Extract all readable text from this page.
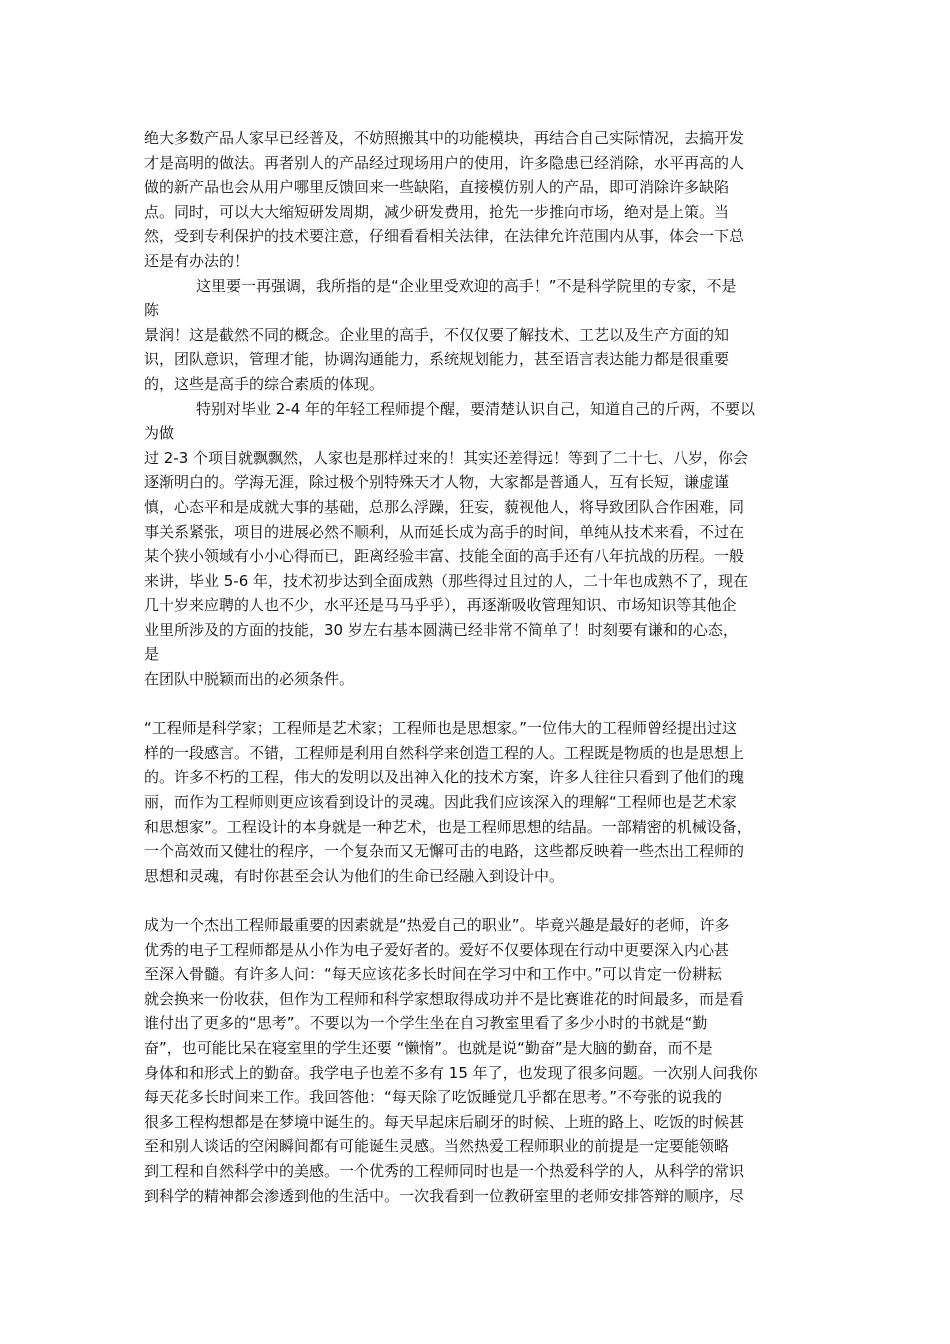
绝大多数产品人家早已经普及，不妨照搬其中的功能模块，再结合自己实际情况，去搞开发
才是高明的做法。再者别人的产品经过现场用户的使用，许多隐患已经消除，水平再高的人
做的新产品也会从用户哪里反馈回来一些缺陷，直接模仿别人的产品，即可消除许多缺陷
点。同时，可以大大缩短研发周期，减少研发费用，抢先一步推向市场，绝对是上策。当
然，受到专利保护的技术要注意，仔细看看相关法律，在法律允许范围内从事，体会一下总
还是有办法的！
这里要一再强调，我所指的是“企业里受欢迎的高手！”不是科学院里的专家，不是
陈
景润！这是截然不同的概念。企业里的高手，不仅仅要了解技术、工艺以及生产方面的知
识，团队意识，管理才能，协调沟通能力，系统规划能力，甚至语言表达能力都是很重要
的，这些是高手的综合素质的体现。
特别对毕业 2-4 年的年轻工程师提个醒，要清楚认识自己，知道自己的斤两，不要以
为做
过 2-3 个项目就飘飘然，人家也是那样过来的！其实还差得远！等到了二十七、八岁，你会
逐渐明白的。学海无涯，除过极个别特殊天才人物，大家都是普通人，互有长短，谦虚谨
慎，心态平和是成就大事的基础，总那么浮躁，狂妄，藐视他人，将导致团队合作困难，同
事关系紧张，项目的进展必然不顺利，从而延长成为高手的时间，单纯从技术来看，不过在
某个狭小领域有小小心得而已，距离经验丰富、技能全面的高手还有八年抗战的历程。一般
来讲，毕业 5-6 年，技术初步达到全面成熟（那些得过且过的人，二十年也成熟不了，现在
几十岁来应聘的人也不少，水平还是马马乎乎），再逐渐吸收管理知识、市场知识等其他企
业里所涉及的方面的技能，30 岁左右基本圆满已经非常不简单了！时刻要有谦和的心态，
是
在团队中脱颖而出的必须条件。
“工程师是科学家；工程师是艺术家；工程师也是思想家。”一位伟大的工程师曾经提出过这
样的一段感言。不错，工程师是利用自然科学来创造工程的人。工程既是物质的也是思想上
的。许多不朽的工程，伟大的发明以及出神入化的技术方案，许多人往往只看到了他们的瑰
丽，而作为工程师则更应该看到设计的灵魂。因此我们应该深入的理解“工程师也是艺术家
和思想家”。工程设计的本身就是一种艺术，也是工程师思想的结晶。一部精密的机械设备，
一个高效而又健壮的程序，一个复杂而又无懈可击的电路，这些都反映着一些杰出工程师的
思想和灵魂，有时你甚至会认为他们的生命已经融入到设计中。
成为一个杰出工程师最重要的因素就是“热爱自己的职业”。毕竟兴趣是最好的老师，许多
优秀的电子工程师都是从小作为电子爱好者的。爱好不仅要体现在行动中更要深入内心甚
至深入骨髓。有许多人问：“每天应该花多长时间在学习中和工作中。”可以肯定一份耕耘
就会换来一份收获，但作为工程师和科学家想取得成功并不是比赛谁花的时间最多，而是看
谁付出了更多的“思考”。不要以为一个学生坐在自习教室里看了多少小时的书就是“勤
奋”，也可能比呆在寝室里的学生还要 “懒惰”。也就是说“勤奋”是大脑的勤奋，而不是
身体和和形式上的勤奋。我学电子也差不多有 15 年了，也发现了很多问题。一次别人问我你
每天花多长时间来工作。我回答他：“每天除了吃饭睡觉几乎都在思考。”不夸张的说我的
很多工程构想都是在梦境中诞生的。每天早起床后刷牙的时候、上班的路上、吃饭的时候甚
至和别人谈话的空闲瞬间都有可能诞生灵感。当然热爱工程师职业的前提是一定要能领略
到工程和自然科学中的美感。一个优秀的工程师同时也是一个热爱科学的人，从科学的常识
到科学的精神都会渗透到他的生活中。一次我看到一位教研室里的老师安排答辩的顺序，尽
